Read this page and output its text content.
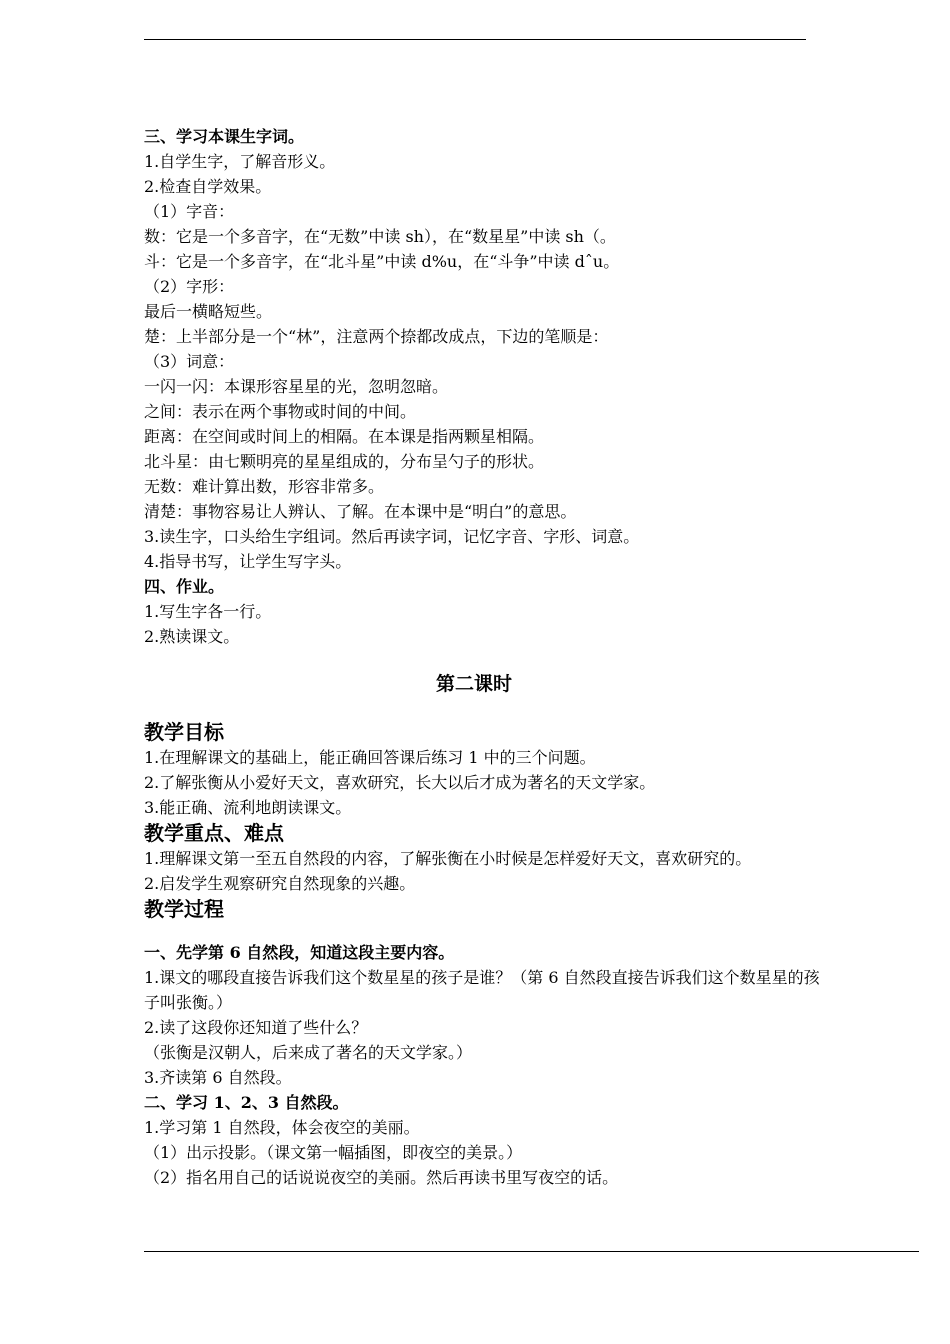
三、学习本课生字词。
1.自学生字，了解音形义。
2.检查自学效果。
（1）字音：
数：它是一个多音字，在“无数”中读 sh），在“数星星”中读 sh（。
斗：它是一个多音字，在“北斗星”中读 d%u，在“斗争”中读 dˆu。
（2）字形：
最后一横略短些。
楚：上半部分是一个“林”，注意两个捺都改成点，下边的笔顺是：
（3）词意：
一闪一闪：本课形容星星的光，忽明忽暗。
之间：表示在两个事物或时间的中间。
距离：在空间或时间上的相隔。在本课是指两颗星相隔。
北斗星：由七颗明亮的星星组成的，分布呈勺子的形状。
无数：难计算出数，形容非常多。
清楚：事物容易让人辨认、了解。在本课中是“明白”的意思。
3.读生字，口头给生字组词。然后再读字词，记忆字音、字形、词意。
4.指导书写，让学生写字头。
四、作业。
1.写生字各一行。
2.熟读课文。
第二课时
教学目标
1.在理解课文的基础上，能正确回答课后练习 1 中的三个问题。
2.了解张衡从小爱好天文，喜欢研究，长大以后才成为著名的天文学家。
3.能正确、流利地朗读课文。
教学重点、难点
1.理解课文第一至五自然段的内容，了解张衡在小时候是怎样爱好天文，喜欢研究的。
2.启发学生观察研究自然现象的兴趣。
教学过程
一、先学第 6 自然段，知道这段主要内容。
1.课文的哪段直接告诉我们这个数星星的孩子是谁？（第 6 自然段直接告诉我们这个数星星的孩子叫张衡。）
2.读了这段你还知道了些什么？
（张衡是汉朝人，后来成了著名的天文学家。）
3.齐读第 6 自然段。
二、学习 1、2、3 自然段。
1.学习第 1 自然段，体会夜空的美丽。
（1）出示投影。（课文第一幅插图，即夜空的美景。）
（2）指名用自己的话说说夜空的美丽。然后再读书里写夜空的话。
